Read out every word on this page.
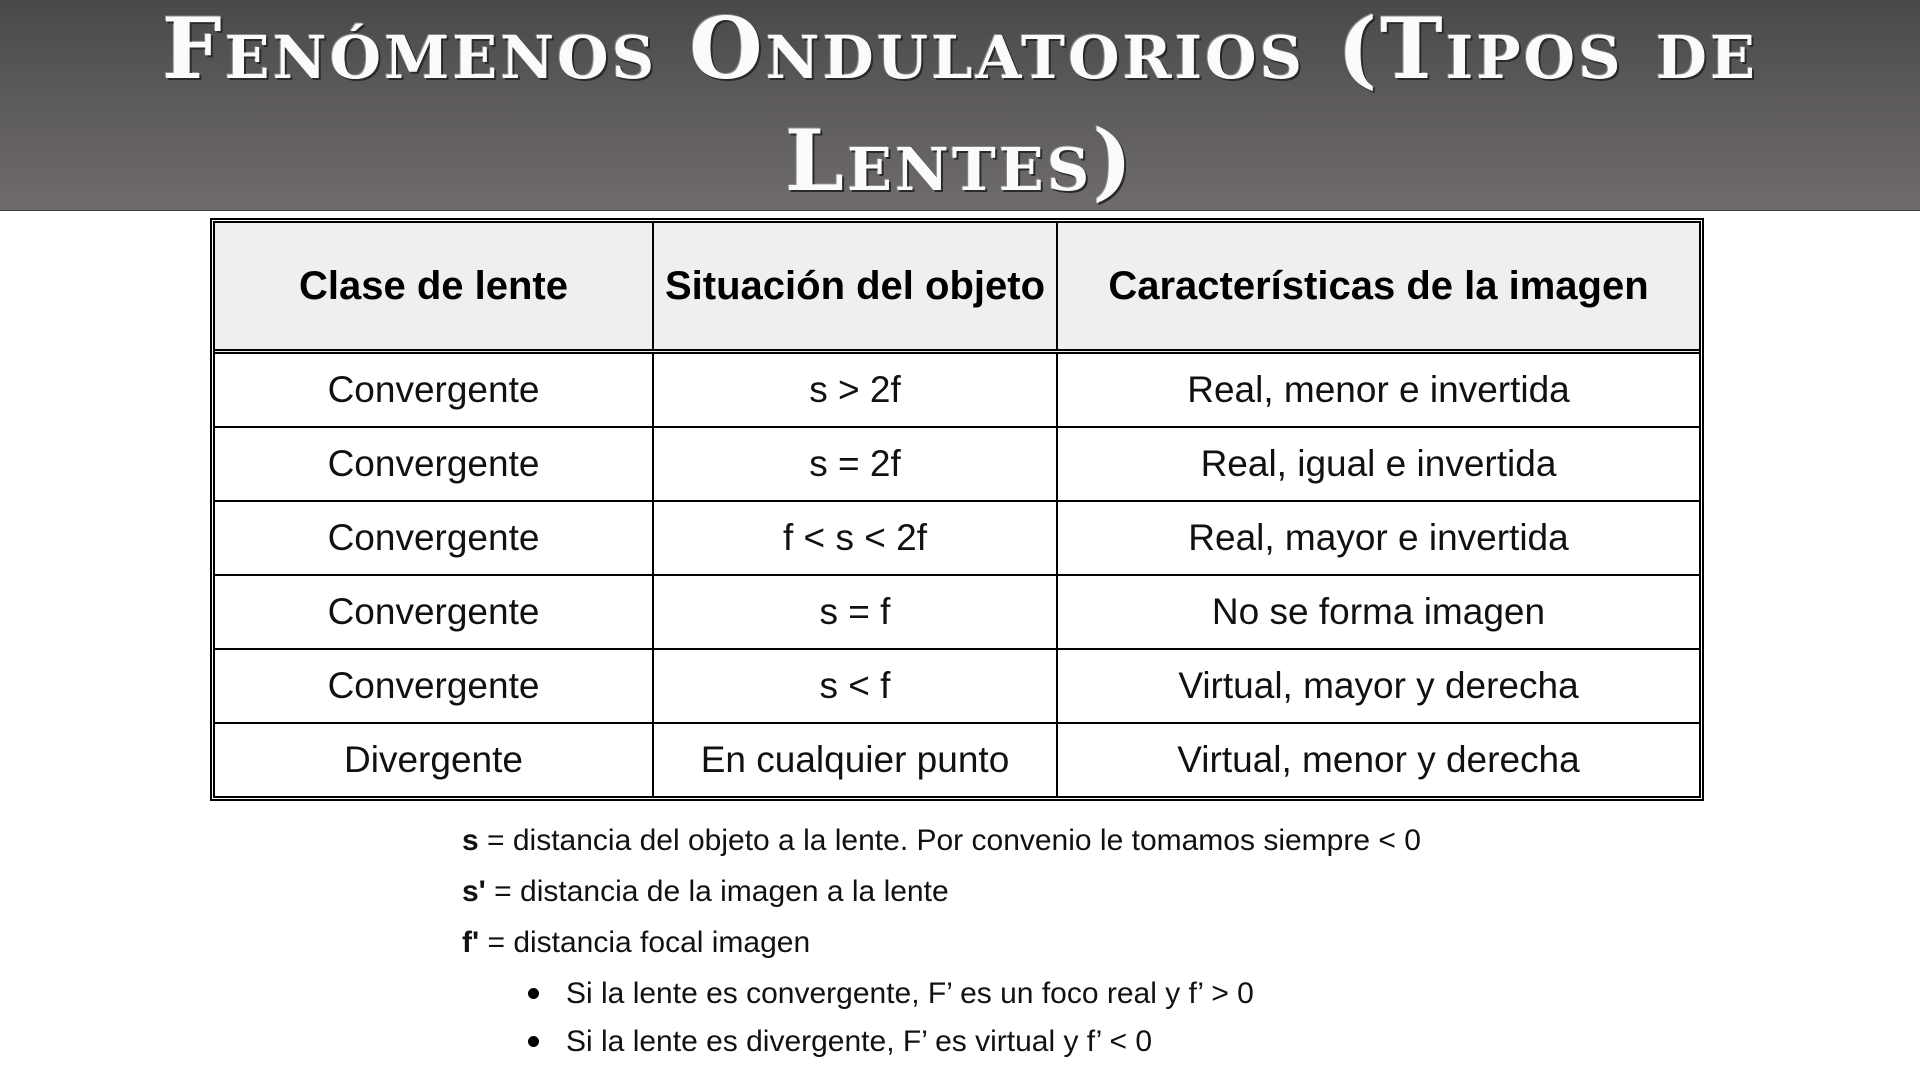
Fenómenos Ondulatorios (Tipos de Lentes)
Clase de lente	Situación del objeto	Características de la imagen
Convergente	s > 2f	Real, menor e invertida
Convergente	s = 2f	Real, igual e invertida
Convergente	f < s < 2f	Real, mayor e invertida
Convergente	s = f	No se forma imagen
Convergente	s < f	Virtual, mayor y derecha
Divergente	En cualquier punto	Virtual, menor y derecha
s = distancia del objeto a la lente. Por convenio le tomamos siempre < 0
s' = distancia de la imagen a la lente
f' = distancia focal imagen
Si la lente es convergente, F’ es un foco real y f’ > 0
Si la lente es divergente, F’ es virtual y f’ < 0
